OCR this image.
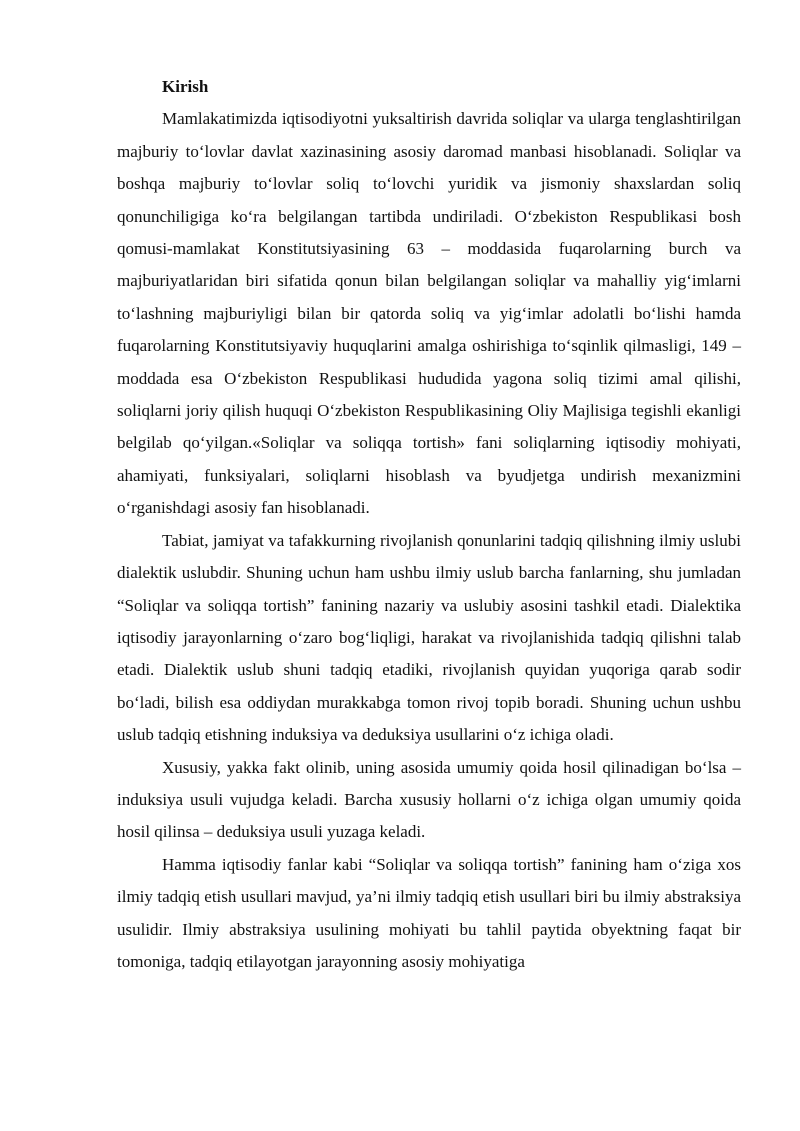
Kirish

Mamlakatimizda iqtisodiyotni yuksaltirish davrida soliqlar va ularga tenglashtirilgan majburiy to‘lovlar davlat xazinasining asosiy daromad manbasi hisoblanadi. Soliqlar va boshqa majburiy to‘lovlar soliq to‘lovchi yuridik va jismoniy shaxslardan soliq qonunchiligiga ko‘ra belgilangan tartibda undiriladi. O‘zbekiston Respublikasi bosh qomusi-mamlakat Konstitutsiyasining 63 – moddasida fuqarolarning burch va majburiyatlaridan biri sifatida qonun bilan belgilangan soliqlar va mahalliy yig‘imlarni to‘lashning majburiyligi bilan bir qatorda soliq va yig‘imlar adolatli bo‘lishi hamda fuqarolarning Konstitutsiyaviy huquqlarini amalga oshirishiga to‘sqinlik qilmasligi, 149 – moddada esa O‘zbekiston Respublikasi hududida yagona soliq tizimi amal qilishi, soliqlarni joriy qilish huquqi O‘zbekiston Respublikasining Oliy Majlisiga tegishli ekanligi belgilab qo‘yilgan.«Soliqlar va soliqqa tortish» fani soliqlarning iqtisodiy mohiyati, ahamiyati, funksiyalari, soliqlarni hisoblash va byudjetga undirish mexanizmini o‘rganishdagi asosiy fan hisoblanadi.

Tabiat, jamiyat va tafakkurning rivojlanish qonunlarini tadqiq qilishning ilmiy uslubi dialektik uslubdir. Shuning uchun ham ushbu ilmiy uslub barcha fanlarning, shu jumladan “Soliqlar va soliqqa tortish” fanining nazariy va uslubiy asosini tashkil etadi. Dialektika iqtisodiy jarayonlarning o‘zaro bog‘liqligi, harakat va rivojlanishida tadqiq qilishni talab etadi. Dialektik uslub shuni tadqiq etadiki, rivojlanish quyidan yuqoriga qarab sodir bo‘ladi, bilish esa oddiydan murakkabga tomon rivoj topib boradi. Shuning uchun ushbu uslub tadqiq etishning induksiya va deduksiya usullarini o‘z ichiga oladi.

Xususiy, yakka fakt olinib, uning asosida umumiy qoida hosil qilinadigan bo‘lsa – induksiya usuli vujudga keladi. Barcha xususiy hollarni o‘z ichiga olgan umumiy qoida hosil qilinsa – deduksiya usuli yuzaga keladi.

Hamma iqtisodiy fanlar kabi “Soliqlar va soliqqa tortish” fanining ham o‘ziga xos ilmiy tadqiq etish usullari mavjud, ya’ni ilmiy tadqiq etish usullari biri bu ilmiy abstraksiya usulidir. Ilmiy abstraksiya usulining mohiyati bu tahlil paytida obyektning faqat bir tomoniga, tadqiq etilayotgan jarayonning asosiy mohiyatiga
